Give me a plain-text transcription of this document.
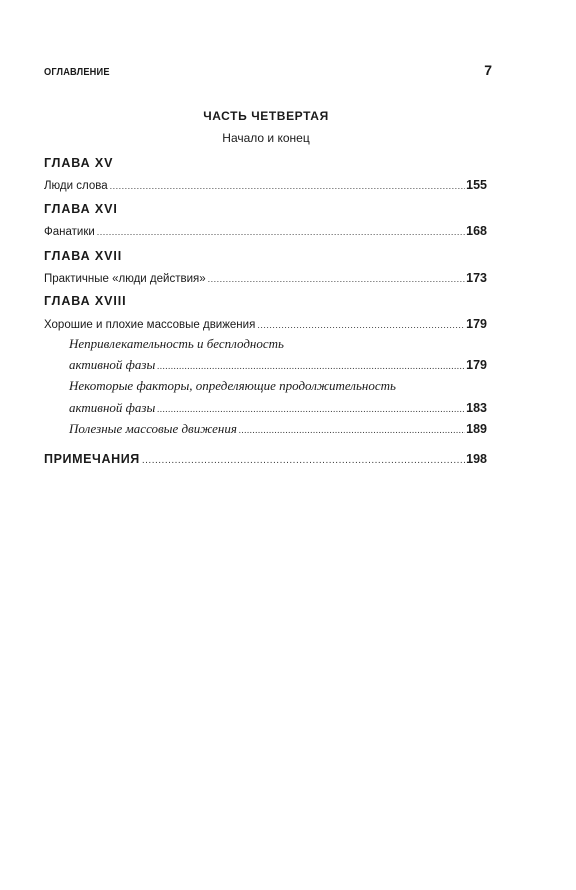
ОГЛАВЛЕНИЕ	7
ЧАСТЬ ЧЕТВЕРТАЯ
Начало и конец
ГЛАВА XV
Люди слова .....	155
ГЛАВА XVI
Фанатики .....	168
ГЛАВА XVII
Практичные «люди действия» .....	173
ГЛАВА XVIII
Хорошие и плохие массовые движения .....	179
Непривлекательность и бесплодность
активной фазы .....	179
Некоторые факторы, определяющие продолжительность
активной фазы .....	183
Полезные массовые движения .....	189
ПРИМЕЧАНИЯ .....	198
